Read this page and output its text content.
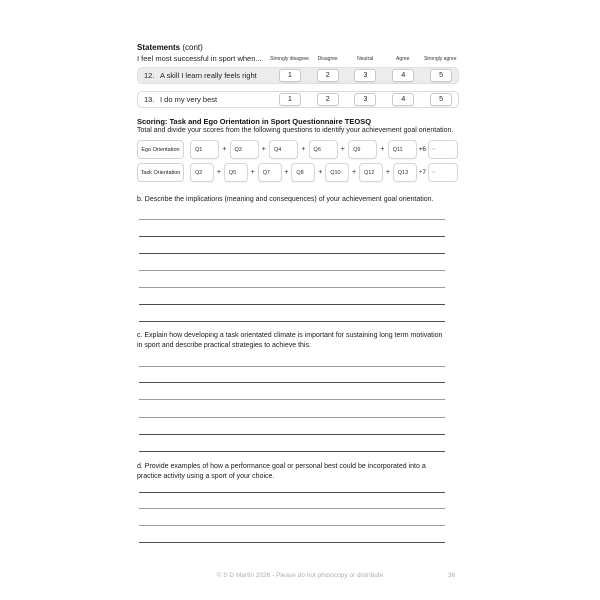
Statements (cont)
I feel most successful in sport when... Strongly disagree	Disagree	Neutral	Agree	Strongly agree
12. A skill I learn really feels right	1	2	3	4	5
13. I do my very best	1	2	3	4	5
Scoring: Task and Ego Orientation in Sport Questionnaire TEOSQ
Total and divide your scores from the following questions to identify your achievement goal orientation.
Ego Orientation	Q1	+	Q3	+	Q4	+	Q6	+	Q9	+	Q11	+6	=
Task Orientation	Q2	+	Q5	+	Q7	+	Q8	+	Q10	+	Q12	+	Q13	÷7	=
b. Describe the implications (meaning and consequences) of your achievement goal orientation.
c. Explain how developing a task orientated climate is important for sustaining long term motivation
in sport and describe practical strategies to achieve this.
d. Provide examples of how a performance goal or personal best could be incorporated into a
practice activity using a sport of your choice.
© S D Martin 2026 - Please do not photocopy or distribute	36
